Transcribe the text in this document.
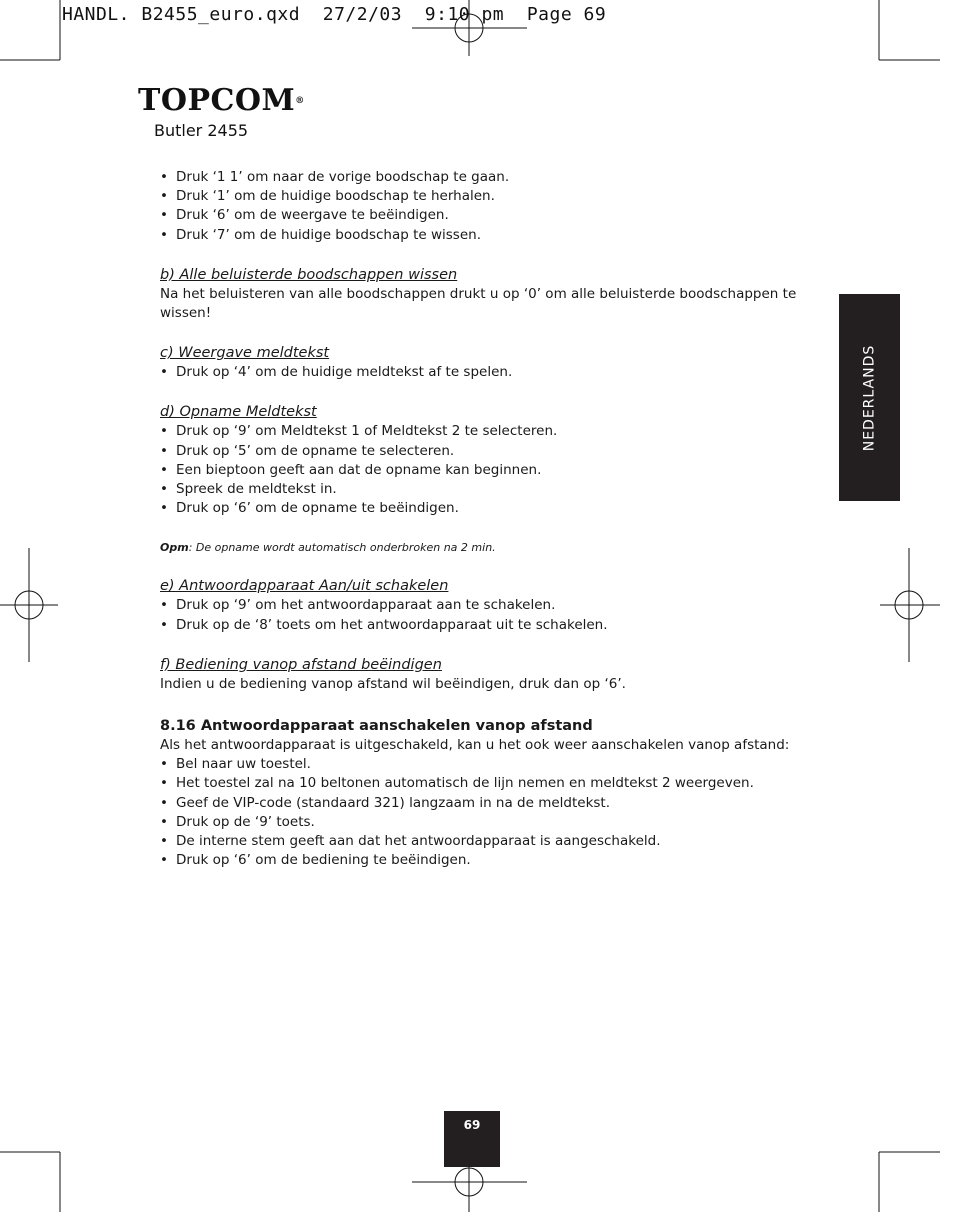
HANDL. B2455_euro.qxd  27/2/03  9:10 pm  Page 69
TOPCOM®
Butler 2455
• Druk ‘1 1’ om naar de vorige boodschap te gaan.
• Druk ‘1’ om de huidige boodschap te herhalen.
• Druk ‘6’ om de weergave te beëindigen.
• Druk ‘7’ om de huidige boodschap te wissen.
b) Alle beluisterde boodschappen wissen
Na het beluisteren van alle boodschappen drukt u op ‘0’ om alle beluisterde boodschappen te wissen!
c) Weergave meldtekst
• Druk op ‘4’ om de huidige meldtekst af te spelen.
d) Opname Meldtekst
• Druk op ‘9’ om Meldtekst 1 of Meldtekst 2 te selecteren.
• Druk op ‘5’ om de opname te selecteren.
• Een bieptoon geeft aan dat de opname kan beginnen.
• Spreek de meldtekst in.
• Druk op ‘6’ om de opname te beëindigen.
Opm: De opname wordt automatisch onderbroken na 2 min.
e) Antwoordapparaat Aan/uit schakelen
• Druk op ‘9’ om het antwoordapparaat aan te schakelen.
• Druk op de ‘8’ toets om het antwoordapparaat uit te schakelen.
f) Bediening vanop afstand beëindigen
Indien u de bediening vanop afstand wil beëindigen, druk dan op ‘6’.
8.16 Antwoordapparaat aanschakelen vanop afstand
Als het antwoordapparaat is uitgeschakeld, kan u het ook weer aanschakelen vanop afstand:
• Bel naar uw toestel.
• Het toestel zal na 10 beltonen automatisch de lijn nemen en meldtekst 2 weergeven.
• Geef de VIP-code (standaard 321) langzaam in na de meldtekst.
• Druk op de ‘9’ toets.
• De interne stem geeft aan dat het antwoordapparaat is aangeschakeld.
• Druk op ‘6’ om de bediening te beëindigen.
NEDERLANDS
69
